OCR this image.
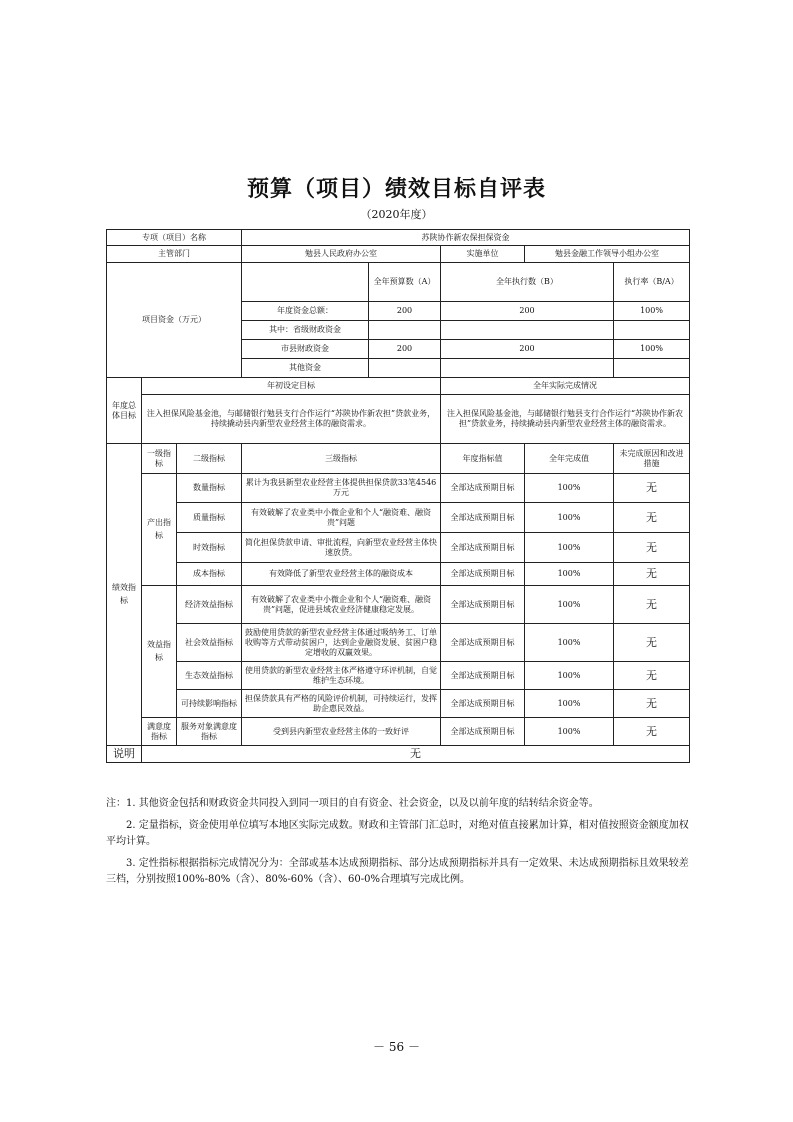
预算（项目）绩效目标自评表
（2020年度）
专项（项目）名称			苏陕协作新农保担保资金				
主管部门			勉县人民政府办公室		实施单位	勉县金融工作领导小组办公室	
项目资金（万元）				全年预算数（A）	全年执行数（B）		执行率（B/A）
			年度资金总额：	200	200		100%
			其中：省级财政资金				
			市县财政资金	200	200		100%
			其他资金				
年度总体目标	年初设定目标				全年实际完成情况		
	注入担保风险基金池，与邮储银行勉县支行合作运行“苏陕协作新农担”贷款业务，持续撬动县内新型农业经营主体的融资需求。				注入担保风险基金池，与邮储银行勉县支行合作运行“苏陕协作新农担”贷款业务，持续撬动县内新型农业经营主体的融资需求。		
绩效指标	一级指标	二级指标	三级指标		年度指标值	全年完成值	未完成原因和改进措施
	产出指标	数量指标	累计为我县新型农业经营主体提供担保贷款33笔4546万元		全部达成预期目标	100%	无
		质量指标	有效破解了农业类中小微企业和个人“融资难、融资贵”问题		全部达成预期目标	100%	无
		时效指标	简化担保贷款申请、审批流程，向新型农业经营主体快速放贷。		全部达成预期目标	100%	无
		成本指标	有效降低了新型农业经营主体的融资成本		全部达成预期目标	100%	无
	效益指标	经济效益指标	有效破解了农业类中小微企业和个人“融资难、融资贵”问题，促进县域农业经济健康稳定发展。		全部达成预期目标	100%	无
		社会效益指标	鼓励使用贷款的新型农业经营主体通过吸纳务工、订单收购等方式带动贫困户，达到企业融资发展、贫困户稳定增收的双赢效果。		全部达成预期目标	100%	无
		生态效益指标	使用贷款的新型农业经营主体严格遵守环评机制，自觉维护生态环境。		全部达成预期目标	100%	无
		可持续影响指标	担保贷款具有严格的风险评价机制，可持续运行，发挥助企惠民效益。		全部达成预期目标	100%	无
	满意度指标	服务对象满意度指标	受到县内新型农业经营主体的一致好评		全部达成预期目标	100%	无
说明	无						

注：1. 其他资金包括和财政资金共同投入到同一项目的自有资金、社会资金，以及以前年度的结转结余资金等。

2. 定量指标，资金使用单位填写本地区实际完成数。财政和主管部门汇总时，对绝对值直接累加计算，相对值按照资金额度加权平均计算。

3. 定性指标根据指标完成情况分为：全部或基本达成预期指标、部分达成预期指标并具有一定效果、未达成预期指标且效果较差三档，分别按照100%-80%（含）、80%-60%（含）、60-0%合理填写完成比例。

－ 56 －
